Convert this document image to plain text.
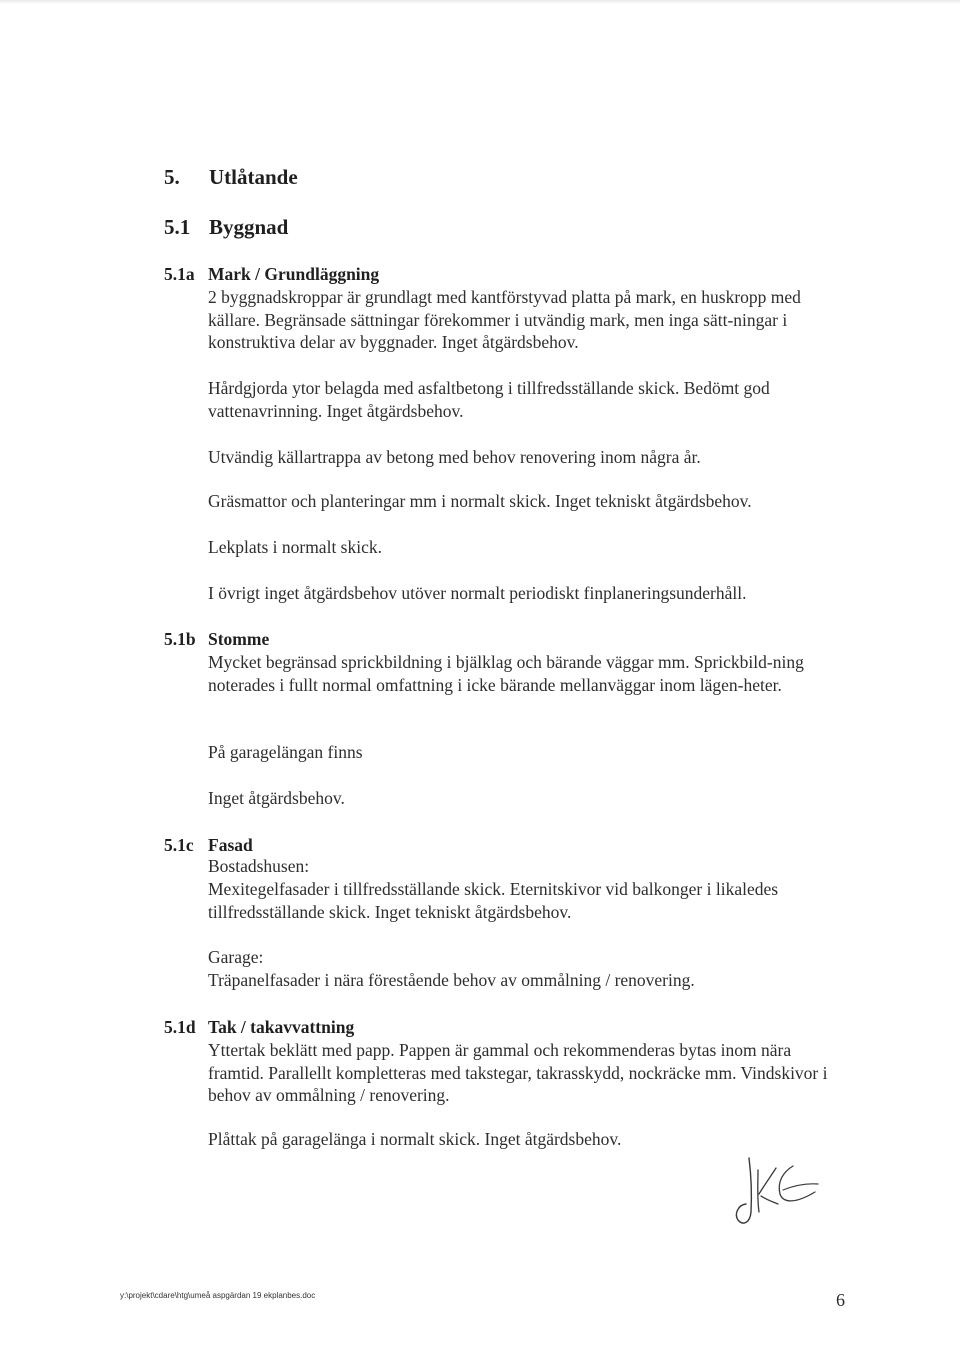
5. Utlåtande
5.1 Byggnad
5.1a Mark / Grundläggning

2 byggnadskroppar är grundlagt med kantförstyvad platta på mark, en huskropp med källare. Begränsade sättningar förekommer i utvändig mark, men inga sätt-ningar i konstruktiva delar av byggnader. Inget åtgärdsbehov.

Hårdgjorda ytor belagda med asfaltbetong i tillfredsställande skick. Bedömt god vattenavrinning. Inget åtgärdsbehov.

Utvändig källartrappa av betong med behov renovering inom några år.

Gräsmattor och planteringar mm i normalt skick. Inget tekniskt åtgärdsbehov.

Lekplats i normalt skick.

I övrigt inget åtgärdsbehov utöver normalt periodiskt finplaneringsunderhåll.

5.1b Stomme

Mycket begränsad sprickbildning i bjälklag och bärande väggar mm. Sprickbild-ning noterades i fullt normal omfattning i icke bärande mellanväggar inom lägen-heter.

På garagelängan finns

Inget åtgärdsbehov.

5.1c Fasad

Bostadshusen:

Mexitegelfasader i tillfredsställande skick. Eternitskivor vid balkonger i likaledes tillfredsställande skick. Inget tekniskt åtgärdsbehov.

Garage:

Träpanelfasader i nära förestående behov av ommålning / renovering.

5.1d Tak / takavvattning

Yttertak beklätt med papp. Pappen är gammal och rekommenderas bytas inom nära framtid. Parallellt kompletteras med takstegar, takrasskydd, nockräcke mm. Vindskivor i behov av ommålning / renovering.

Plåttak på garagelänga i normalt skick. Inget åtgärdsbehov.

y:\projekt\cdare\htg\umeå aspgärdan 19 ekplanbes.doc	6
